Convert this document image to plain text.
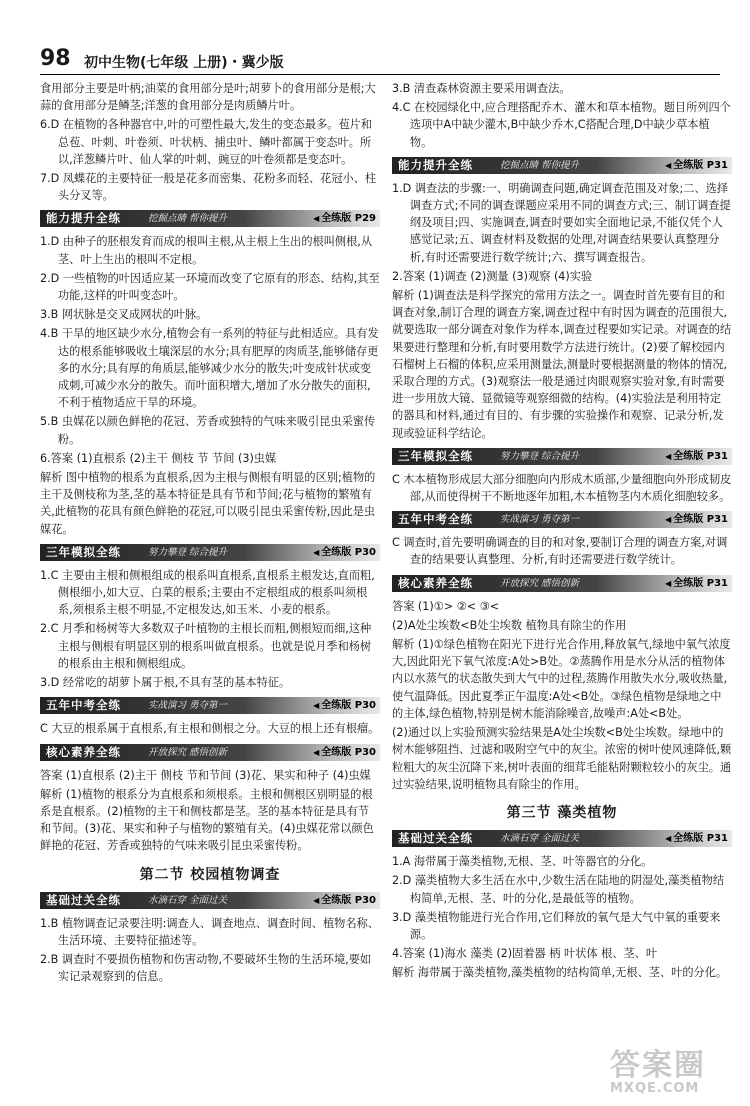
98 初中生物(七年级 上册)・冀少版

食用部分主要是叶柄;油菜的食用部分是叶;胡萝卜的食用部分是根;大蒜的食用部分是鳞茎;洋葱的食用部分是肉质鳞片叶。

6.D 在植物的各种器官中,叶的可塑性最大,发生的变态最多。苞片和总苞、叶刺、叶卷须、叶状柄、捕虫叶、鳞叶都属于变态叶。所以,洋葱鳞片叶、仙人掌的叶刺、豌豆的叶卷须都是变态叶。

7.D 凤蝶花的主要特征一般是花多而密集、花粉多而轻、花冠小、柱头分叉等。

能力提升全练	挖掘点睛 帮你提升	◀ 全练版 P29

1.D 由种子的胚根发育而成的根叫主根,从主根上生出的根叫侧根,从茎、叶上生出的根叫不定根。

2.D 一些植物的叶因适应某一环境而改变了它原有的形态、结构,其至功能,这样的叶叫变态叶。

3.B 网状脉是交叉成网状的叶脉。

4.B 干旱的地区缺少水分,植物会有一系列的特征与此相适应。具有发达的根系能够吸收土壤深层的水分;具有肥厚的肉质茎,能够储存更多的水分;具有厚的角质层,能够减少水分的散失;叶变成针状或变成刺,可减少水分的散失。而叶面积增大,增加了水分散失的面积,不利于植物适应干旱的环境。

5.B 虫媒花以颜色鲜艳的花冠、芳香或独特的气味来吸引昆虫采蜜传粉。

6.答案 (1)直根系 (2)主干 侧枝 节 节间 (3)虫媒

解析 图中植物的根系为直根系,因为主根与侧根有明显的区别;植物的主干及侧枝称为茎,茎的基本特征是具有节和节间;花与植物的繁殖有关,此植物的花具有颜色鲜艳的花冠,可以吸引昆虫采蜜传粉,因此是虫媒花。

三年模拟全练	努力攀登 综合提升	◀ 全练版 P30

1.C 主要由主根和侧根组成的根系叫直根系,直根系主根发达,直而粗,侧根细小,如大豆、白菜的根系;主要由不定根组成的根系叫须根系,须根系主根不明显,不定根发达,如玉米、小麦的根系。

2.C 月季和杨树等大多数双子叶植物的主根长而粗,侧根短而细,这种主根与侧根有明显区别的根系叫做直根系。也就是说月季和杨树的根系由主根和侧根组成。

3.D 经常吃的胡萝卜属于根,不具有茎的基本特征。

五年中考全练	实战演习 勇夺第一	◀ 全练版 P30

C 大豆的根系属于直根系,有主根和侧根之分。大豆的根上还有根瘤。

核心素养全练	开放探究 感悟创新	◀ 全练版 P30

答案 (1)直根系 (2)主干 侧枝 节和节间 (3)花、果实和种子 (4)虫媒

解析 (1)植物的根系分为直根系和须根系。主根和侧根区别明显的根系是直根系。(2)植物的主干和侧枝都是茎。茎的基本特征是具有节和节间。(3)花、果实和种子与植物的繁殖有关。(4)虫媒花常以颜色鲜艳的花冠、芳香或独特的气味来吸引昆虫采蜜传粉。

第二节 校园植物调查
基础过关全练	水滴石穿 全面过关	◀ 全练版 P30

1.B 植物调查记录要注明:调查人、调查地点、调查时间、植物名称、生活环境、主要特征描述等。

2.B 调查时不要损伤植物和伤害动物,不要破坏生物的生活环境,要如实记录观察到的信息。

3.B 清查森林资源主要采用调查法。

4.C 在校园绿化中,应合理搭配乔木、灌木和草本植物。题目所列四个选项中A中缺少灌木,B中缺少乔木,C搭配合理,D中缺少草本植物。

能力提升全练	挖掘点睛 帮你提升	◀ 全练版 P31

1.D 调查法的步骤:一、明确调查问题,确定调查范围及对象;二、选择调查方式;不同的调查课题应采用不同的调查方式;三、制订调查提纲及项目;四、实施调查,调查时要如实全面地记录,不能仅凭个人感觉记录;五、调查材料及数据的处理,对调查结果要认真整理分析,有时还需要进行数学统计;六、撰写调查报告。

2.答案 (1)调查 (2)测量 (3)观察 (4)实验

解析 (1)调查法是科学探究的常用方法之一。调查时首先要有目的和调查对象,制订合理的调查方案,调查过程中有时因为调查的范围很大,就要选取一部分调查对象作为样本,调查过程要如实记录。对调查的结果要进行整理和分析,有时要用数学方法进行统计。(2)要了解校园内石榴树上石榴的体积,应采用测量法,测量时要根据测量的物体的情况,采取合理的方式。(3)观察法一般是通过肉眼观察实验对象,有时需要进一步用放大镜、显微镜等观察细微的结构。(4)实验法是利用特定的器具和材料,通过有目的、有步骤的实验操作和观察、记录分析,发现或验证科学结论。

三年模拟全练	努力攀登 综合提升	◀ 全练版 P31

C 木本植物形成层大部分细胞向内形成木质部,少量细胞向外形成韧皮部,从而使得树干不断地逐年加粗,木本植物茎内木质化细胞较多。

五年中考全练	实战演习 勇夺第一	◀ 全练版 P31

C 调查时,首先要明确调查的目的和对象,要制订合理的调查方案,对调查的结果要认真整理、分析,有时还需要进行数学统计。

核心素养全练	开放探究 感悟创新	◀ 全练版 P31

答案 (1)①> ②< ③<

(2)A处尘埃数<B处尘埃数 植物具有除尘的作用

解析 (1)①绿色植物在阳光下进行光合作用,释放氧气,绿地中氧气浓度大,因此阳光下氧气浓度:A处>B处。②蒸腾作用是水分从活的植物体内以水蒸气的状态散失到大气中的过程,蒸腾作用散失水分,吸收热量,使气温降低。因此夏季正午温度:A处<B处。③绿色植物是绿地之中的主体,绿色植物,特别是树木能消除噪音,故噪声:A处<B处。

(2)通过以上实验预测实验结果是A处尘埃数<B处尘埃数。绿地中的树木能够阻挡、过滤和吸附空气中的灰尘。浓密的树叶使风速降低,颗粒粗大的灰尘沉降下来,树叶表面的细茸毛能粘附颗粒较小的灰尘。通过实验结果,说明植物具有除尘的作用。

第三节 藻类植物
基础过关全练	水滴石穿 全面过关	◀ 全练版 P31

1.A 海带属于藻类植物,无根、茎、叶等器官的分化。

2.D 藻类植物大多生活在水中,少数生活在陆地的阴湿处,藻类植物结构简单,无根、茎、叶的分化,是最低等的植物。

3.D 藻类植物能进行光合作用,它们释放的氧气是大气中氧的重要来源。

4.答案 (1)海水 藻类 (2)固着器 柄 叶状体 根、茎、叶

解析 海带属于藻类植物,藻类植物的结构简单,无根、茎、叶的分化。

答案圈
MXQE.COM
